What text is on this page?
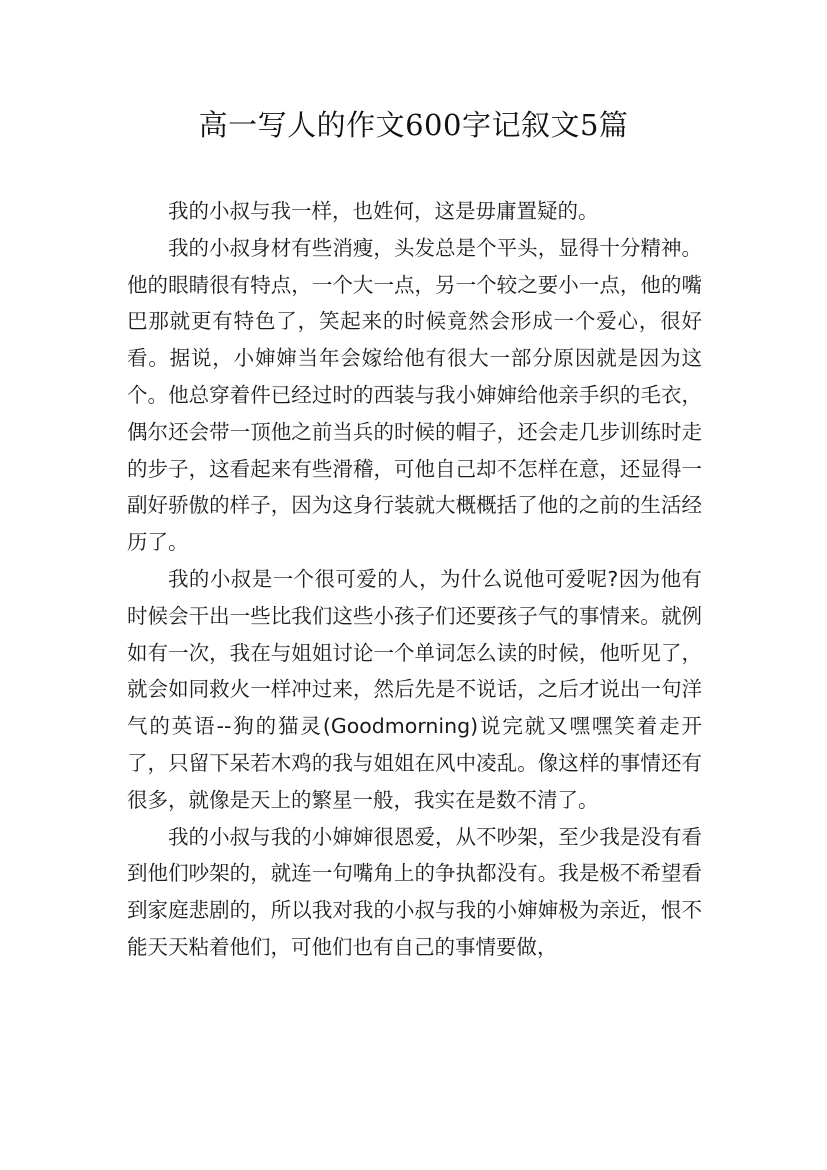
高一写人的作文600字记叙文5篇

我的小叔与我一样，也姓何，这是毋庸置疑的。

我的小叔身材有些消瘦，头发总是个平头，显得十分精神。他的眼睛很有特点，一个大一点，另一个较之要小一点，他的嘴巴那就更有特色了，笑起来的时候竟然会形成一个爱心，很好看。据说，小婶婶当年会嫁给他有很大一部分原因就是因为这个。他总穿着件已经过时的西装与我小婶婶给他亲手织的毛衣，偶尔还会带一顶他之前当兵的时候的帽子，还会走几步训练时走的步子，这看起来有些滑稽，可他自己却不怎样在意，还显得一副好骄傲的样子，因为这身行装就大概概括了他的之前的生活经历了。

我的小叔是一个很可爱的人，为什么说他可爱呢?因为他有时候会干出一些比我们这些小孩子们还要孩子气的事情来。就例如有一次，我在与姐姐讨论一个单词怎么读的时候，他听见了，就会如同救火一样冲过来，然后先是不说话，之后才说出一句洋气的英语--狗的猫灵(Goodmorning)说完就又嘿嘿笑着走开了，只留下呆若木鸡的我与姐姐在风中凌乱。像这样的事情还有很多，就像是天上的繁星一般，我实在是数不清了。

我的小叔与我的小婶婶很恩爱，从不吵架，至少我是没有看到他们吵架的，就连一句嘴角上的争执都没有。我是极不希望看到家庭悲剧的，所以我对我的小叔与我的小婶婶极为亲近，恨不能天天粘着他们，可他们也有自己的事情要做，
